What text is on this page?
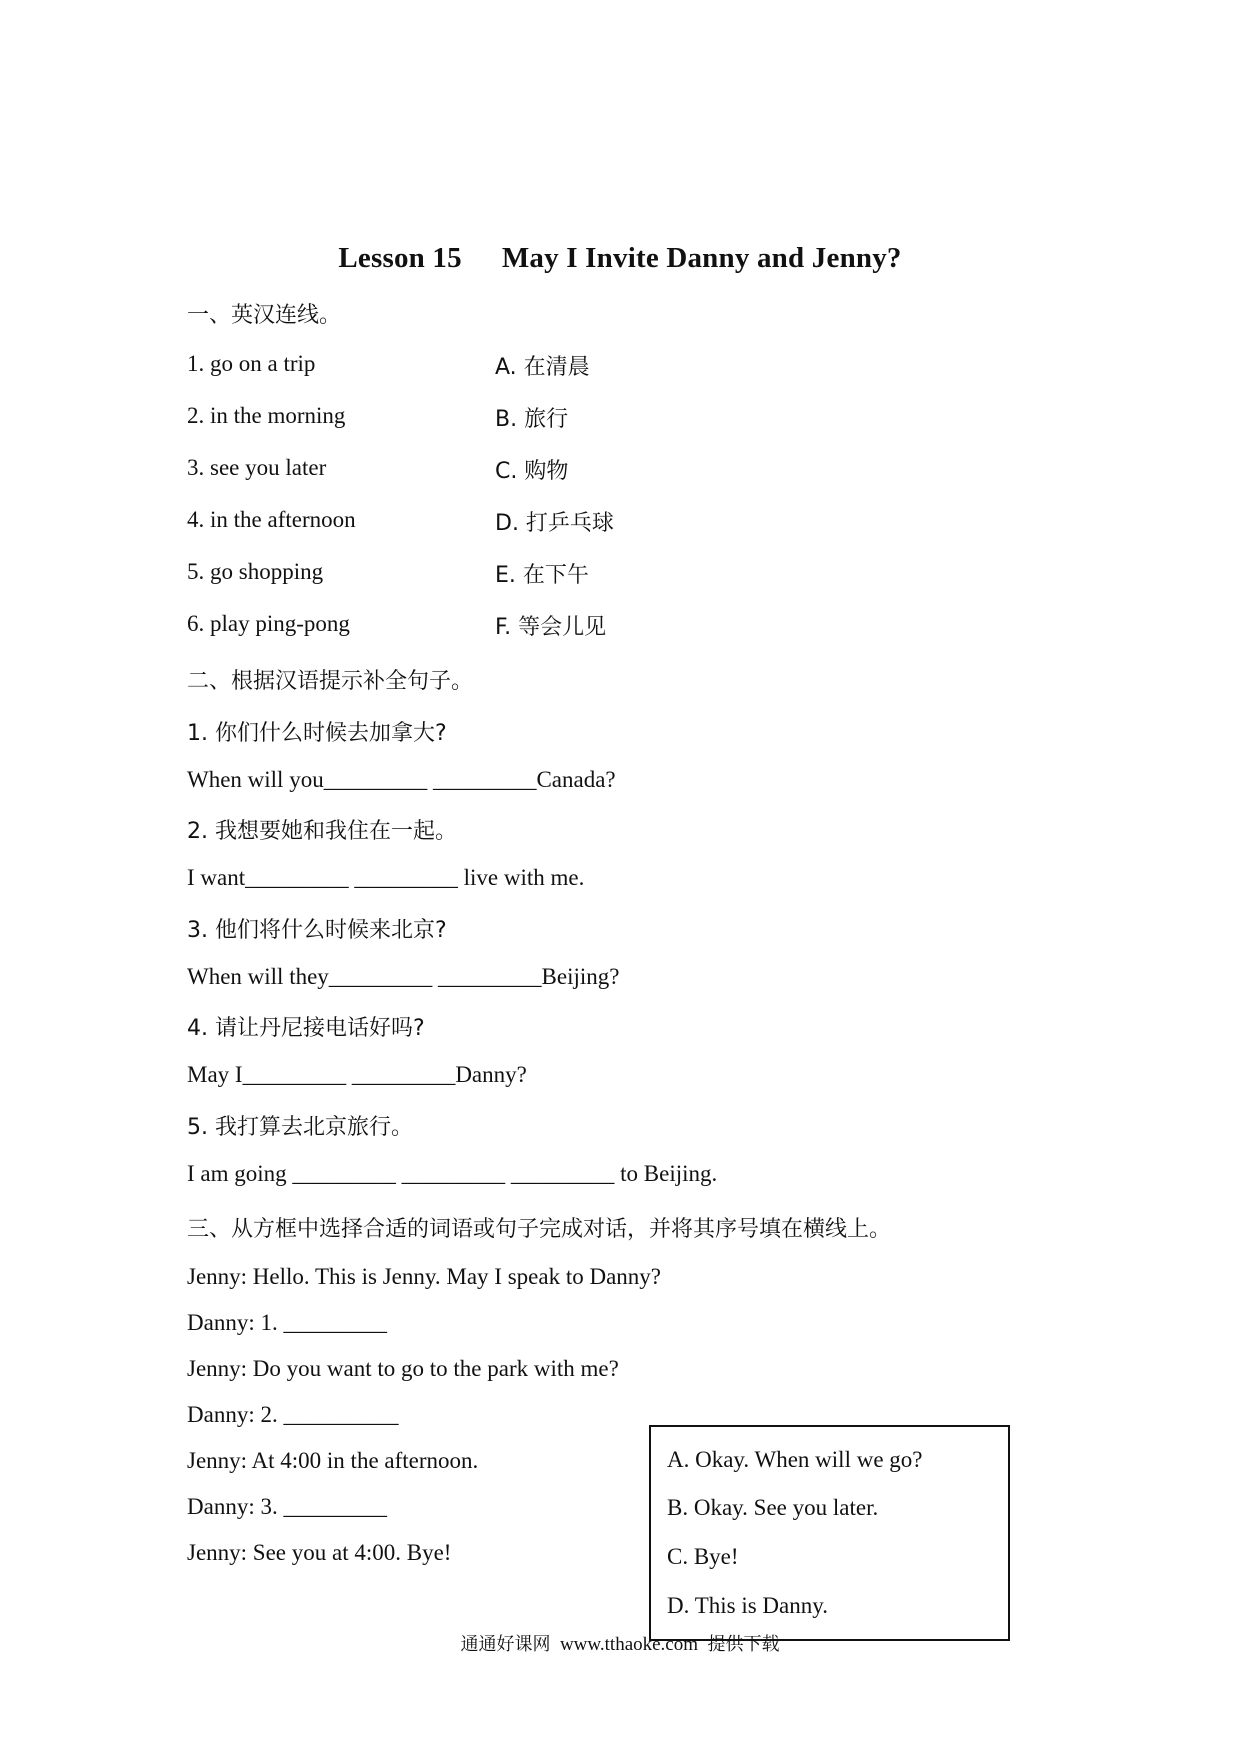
Lesson 15 May I Invite Danny and Jenny?
一、英汉连线。
1. go on a trip
2. in the morning
3. see you later
4. in the afternoon
5. go shopping
6. play ping-pong
A. 在清晨
B. 旅行
C. 购物
D. 打乒乓球
E. 在下午
F. 等会儿见
二、根据汉语提示补全句子。
1. 你们什么时候去加拿大?
When will you_________ _________Canada?
2. 我想要她和我住在一起。
I want_________ _________ live with me.
3. 他们将什么时候来北京?
When will they_________ _________Beijing?
4. 请让丹尼接电话好吗?
May I_________ _________Danny?
5. 我打算去北京旅行。
I am going _________ _________ _________ to Beijing.
三、从方框中选择合适的词语或句子完成对话，并将其序号填在横线上。
Jenny: Hello. This is Jenny. May I speak to Danny?
Danny: 1. _________
Jenny: Do you want to go to the park with me?
Danny: 2. __________
Jenny: At 4:00 in the afternoon.
Danny: 3. _________
Jenny: See you at 4:00. Bye!
A. Okay. When will we go?
B. Okay. See you later.
C. Bye!
D. This is Danny.
通通好课网 www.tthaoke.com 提供下载
